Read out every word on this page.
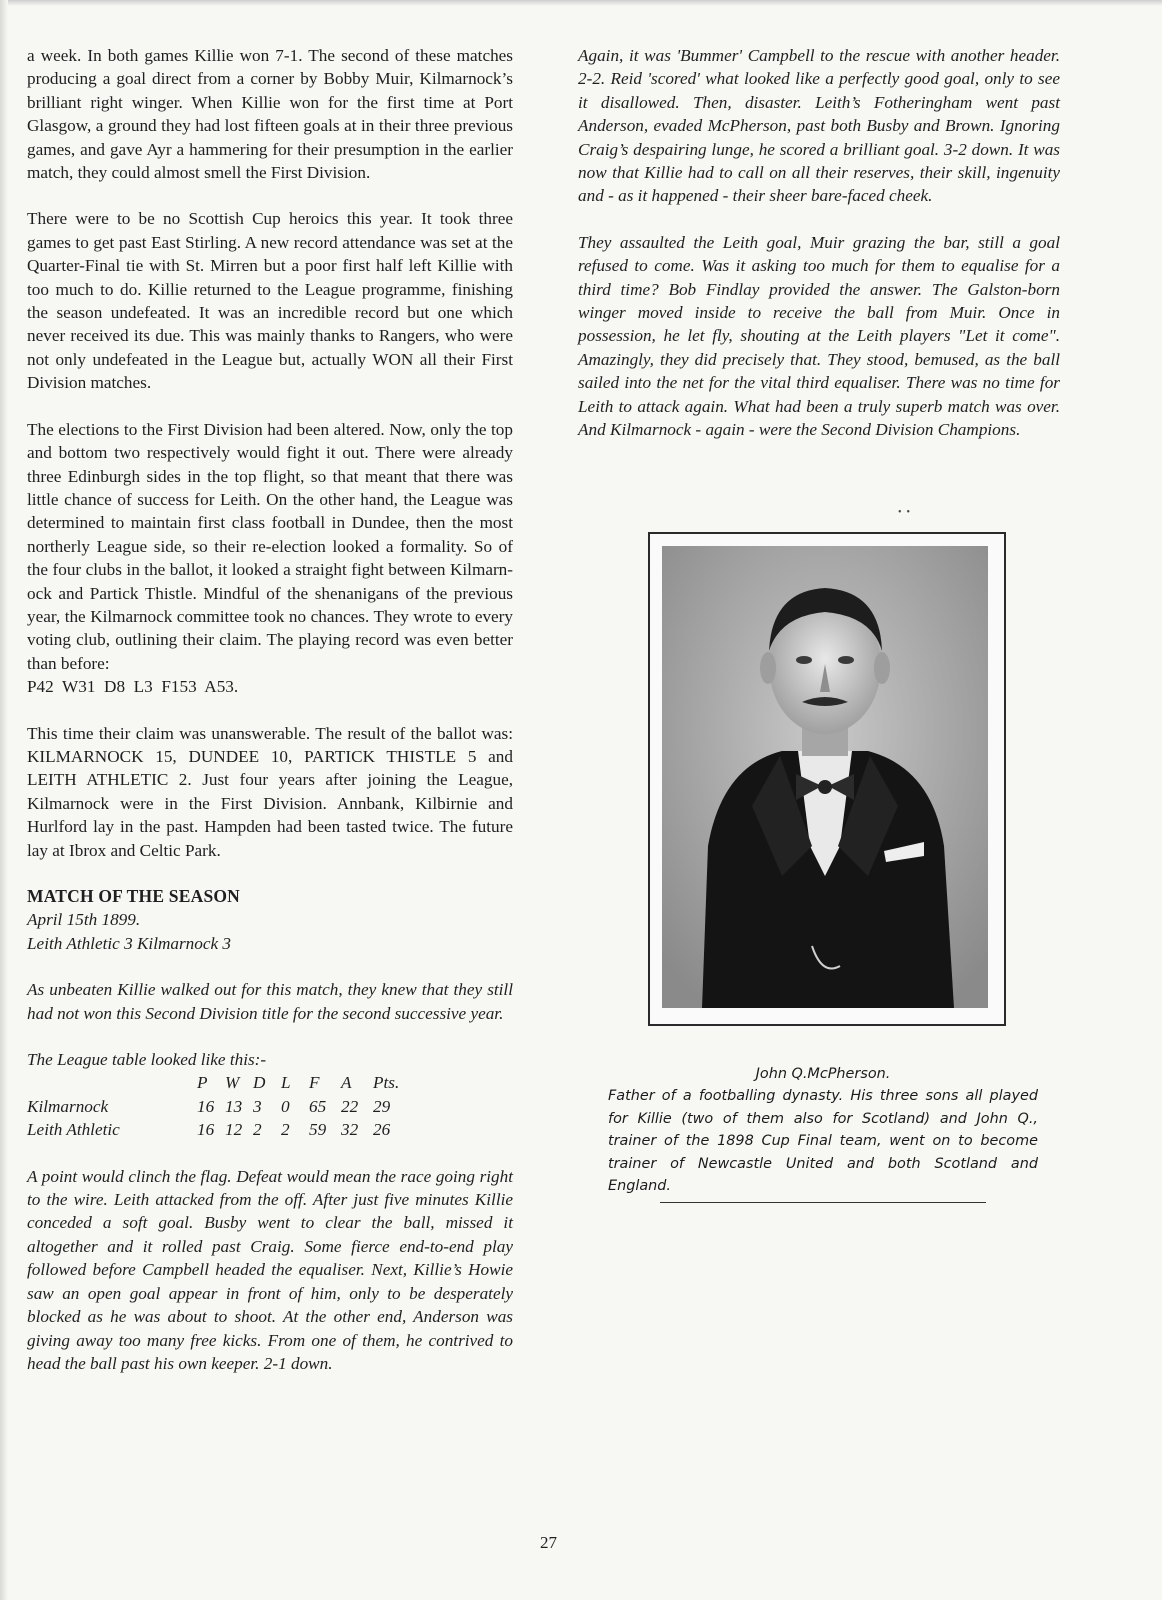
a week. In both games Killie won 7-1. The second of these matches producing a goal direct from a corner by Bobby Muir, Kilmarnock’s brilliant right winger. When Killie won for the first time at Port Glasgow, a ground they had lost fifteen goals at in their three previous games, and gave Ayr a hammering for their presumption in the earlier match, they could almost smell the First Division.

There were to be no Scottish Cup heroics this year. It took three games to get past East Stirling. A new record attendance was set at the Quarter-Final tie with St. Mirren but a poor first half left Killie with too much to do. Killie returned to the League programme, finishing the season undefeated. It was an incredible record but one which never received its due. This was mainly thanks to Rangers, who were not only undefeated in the League but, actually WON all their First Division matches.

The elections to the First Division had been altered. Now, only the top and bottom two respectively would fight it out. There were already three Edinburgh sides in the top flight, so that meant that there was little chance of success for Leith. On the other hand, the League was determined to maintain first class football in Dundee, then the most northerly League side, so their re-election looked a formality. So of the four clubs in the ballot, it looked a straight fight between Kilmarn-ock and Partick Thistle. Mindful of the shenanigans of the previous year, the Kilmarnock committee took no chances. They wrote to every voting club, outlining their claim. The playing record was even better than before:

P42  W31  D8  L3  F153  A53.

This time their claim was unanswerable. The result of the ballot was: KILMARNOCK 15, DUNDEE 10, PARTICK THISTLE 5 and LEITH ATHLETIC 2. Just four years after joining the League, Kilmarnock were in the First Division. Annbank, Kilbirnie and Hurlford lay in the past. Hampden had been tasted twice. The future lay at Ibrox and Celtic Park.

MATCH OF THE SEASON

April 15th 1899.

Leith Athletic 3 Kilmarnock 3

As unbeaten Killie walked out for this match, they knew that they still had not won this Second Division title for the second successive year.

The League table looked like this:-
	P	W	D	L	F	A	Pts.
Kilmarnock	16	13	3	0	65	22	29
Leith Athletic	16	12	2	2	59	32	26

A point would clinch the flag. Defeat would mean the race going right to the wire. Leith attacked from the off. After just five minutes Killie conceded a soft goal. Busby went to clear the ball, missed it altogether and it rolled past Craig. Some fierce end-to-end play followed before Campbell headed the equaliser. Next, Killie’s Howie saw an open goal appear in front of him, only to be desperately blocked as he was about to shoot. At the other end, Anderson was giving away too many free kicks. From one of them, he contrived to head the ball past his own keeper. 2-1 down.

Again, it was 'Bummer' Campbell to the rescue with another header. 2-2. Reid 'scored' what looked like a perfectly good goal, only to see it disallowed. Then, disaster. Leith’s Fotheringham went past Anderson, evaded McPherson, past both Busby and Brown. Ignoring Craig’s despairing lunge, he scored a brilliant goal. 3-2 down. It was now that Killie had to call on all their reserves, their skill, ingenuity and - as it happened - their sheer bare-faced cheek.

They assaulted the Leith goal, Muir grazing the bar, still a goal refused to come. Was it asking too much for them to equalise for a third time? Bob Findlay provided the answer. The Galston-born winger moved inside to receive the ball from Muir. Once in possession, he let fly, shouting at the Leith players "Let it come". Amazingly, they did precisely that. They stood, bemused, as the ball sailed into the net for the vital third equaliser. There was no time for Leith to attack again. What had been a truly superb match was over. And Kilmarnock - again - were the Second Division Champions.

•  •

John Q.McPherson.

Father of a footballing dynasty. His three sons all played for Killie (two of them also for Scotland) and John Q., trainer of the 1898 Cup Final team, went on to become trainer of Newcastle United and both Scotland and England.

27
